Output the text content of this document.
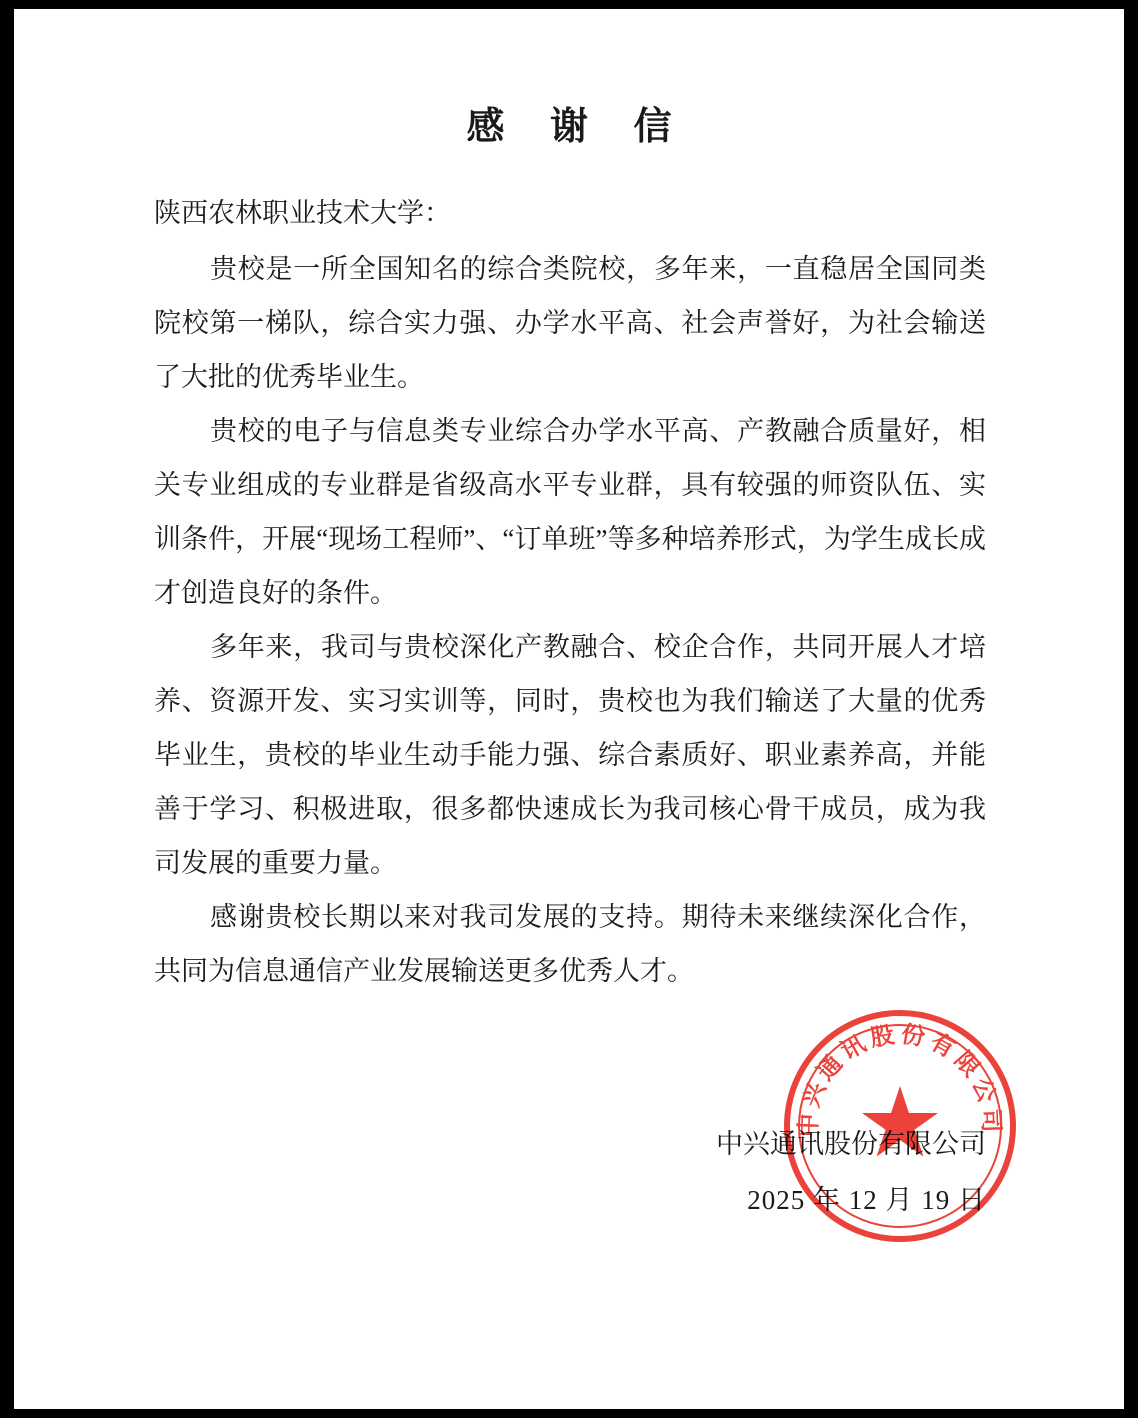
感 谢 信

陕西农林职业技术大学：

贵校是一所全国知名的综合类院校，多年来，一直稳居全国同类院校第一梯队，综合实力强、办学水平高、社会声誉好，为社会输送了大批的优秀毕业生。

贵校的电子与信息类专业综合办学水平高、产教融合质量好，相关专业组成的专业群是省级高水平专业群，具有较强的师资队伍、实训条件，开展“现场工程师”、“订单班”等多种培养形式，为学生成长成才创造良好的条件。

多年来，我司与贵校深化产教融合、校企合作，共同开展人才培养、资源开发、实习实训等，同时，贵校也为我们输送了大量的优秀毕业生，贵校的毕业生动手能力强、综合素质好、职业素养高，并能善于学习、积极进取，很多都快速成长为我司核心骨干成员，成为我司发展的重要力量。

感谢贵校长期以来对我司发展的支持。期待未来继续深化合作，共同为信息通信产业发展输送更多优秀人才。

中兴通讯股份有限公司
中兴通讯股份有限公司
2025 年 12 月 19 日
